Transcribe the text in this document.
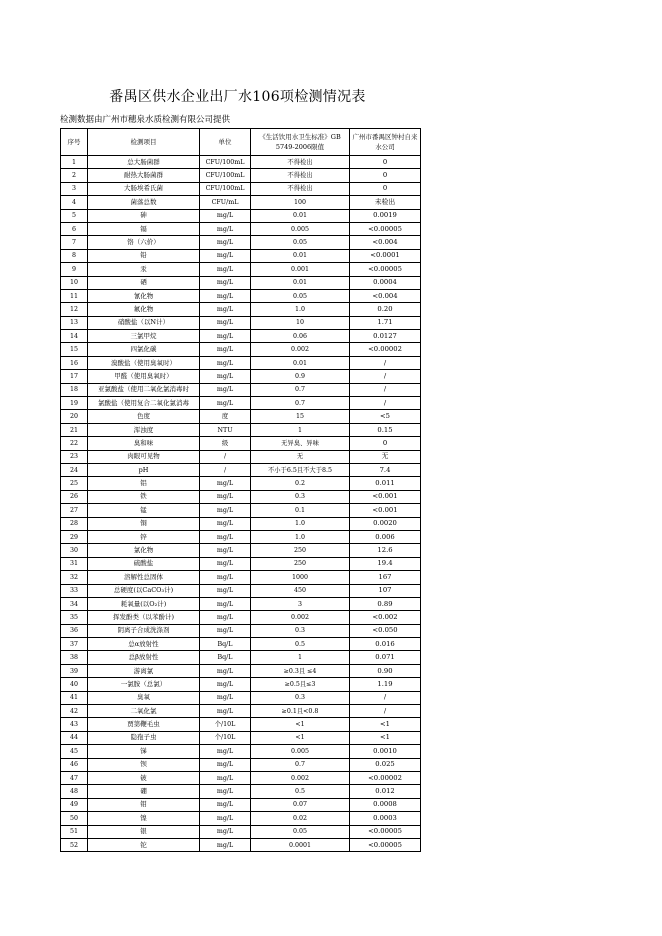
番禺区供水企业出厂水106项检测情况表
检测数据由广州市穗泉水质检测有限公司提供
序号	检测项目	单位	《生活饮用水卫生标准》GB 5749-2006限值	广州市番禺区钟村自来水公司
1	总大肠菌群	CFU/100mL	不得检出	0
2	耐热大肠菌群	CFU/100mL	不得检出	0
3	大肠埃希氏菌	CFU/100mL	不得检出	0
4	菌落总数	CFU/mL	100	未检出
5	砷	mg/L	0.01	0.0019
6	镉	mg/L	0.005	<0.00005
7	铬（六价）	mg/L	0.05	<0.004
8	铅	mg/L	0.01	<0.0001
9	汞	mg/L	0.001	<0.00005
10	硒	mg/L	0.01	0.0004
11	氰化物	mg/L	0.05	<0.004
12	氟化物	mg/L	1.0	0.20
13	硝酸盐（以N计）	mg/L	10	1.71
14	三氯甲烷	mg/L	0.06	0.0127
15	四氯化碳	mg/L	0.002	<0.00002
16	溴酸盐（使用臭氧时）	mg/L	0.01	/
17	甲醛（使用臭氧时）	mg/L	0.9	/
18	亚氯酸盐（使用二氧化氯消毒时	mg/L	0.7	/
19	氯酸盐（使用复合二氧化氯消毒	mg/L	0.7	/
20	色度	度	15	<5
21	浑浊度	NTU	1	0.15
22	臭和味	级	无异臭、异味	0
23	肉眼可见物	/	无	无
24	pH	/	不小于6.5且不大于8.5	7.4
25	铝	mg/L	0.2	0.011
26	铁	mg/L	0.3	<0.001
27	锰	mg/L	0.1	<0.001
28	铜	mg/L	1.0	0.0020
29	锌	mg/L	1.0	0.006
30	氯化物	mg/L	250	12.6
31	硫酸盐	mg/L	250	19.4
32	溶解性总固体	mg/L	1000	167
33	总硬度(以CaCO₃计)	mg/L	450	107
34	耗氧量(以O₂计)	mg/L	3	0.89
35	挥发酚类（以苯酚计)	mg/L	0.002	<0.002
36	阴离子合成洗涤剂	mg/L	0.3	<0.050
37	总α放射性	Bq/L	0.5	0.016
38	总β放射性	Bq/L	1	0.071
39	游离氯	mg/L	≥0.3且 ≤4	0.90
40	一氯胺（总氯）	mg/L	≥0.5且≤3	1.19
41	臭氧	mg/L	0.3	/
42	二氧化氯	mg/L	≥0.1且<0.8	/
43	贾第鞭毛虫	个/10L	<1	<1
44	隐孢子虫	个/10L	<1	<1
45	锑	mg/L	0.005	0.0010
46	钡	mg/L	0.7	0.025
47	铍	mg/L	0.002	<0.00002
48	硼	mg/L	0.5	0.012
49	钼	mg/L	0.07	0.0008
50	镍	mg/L	0.02	0.0003
51	银	mg/L	0.05	<0.00005
52	铊	mg/L	0.0001	<0.00005
